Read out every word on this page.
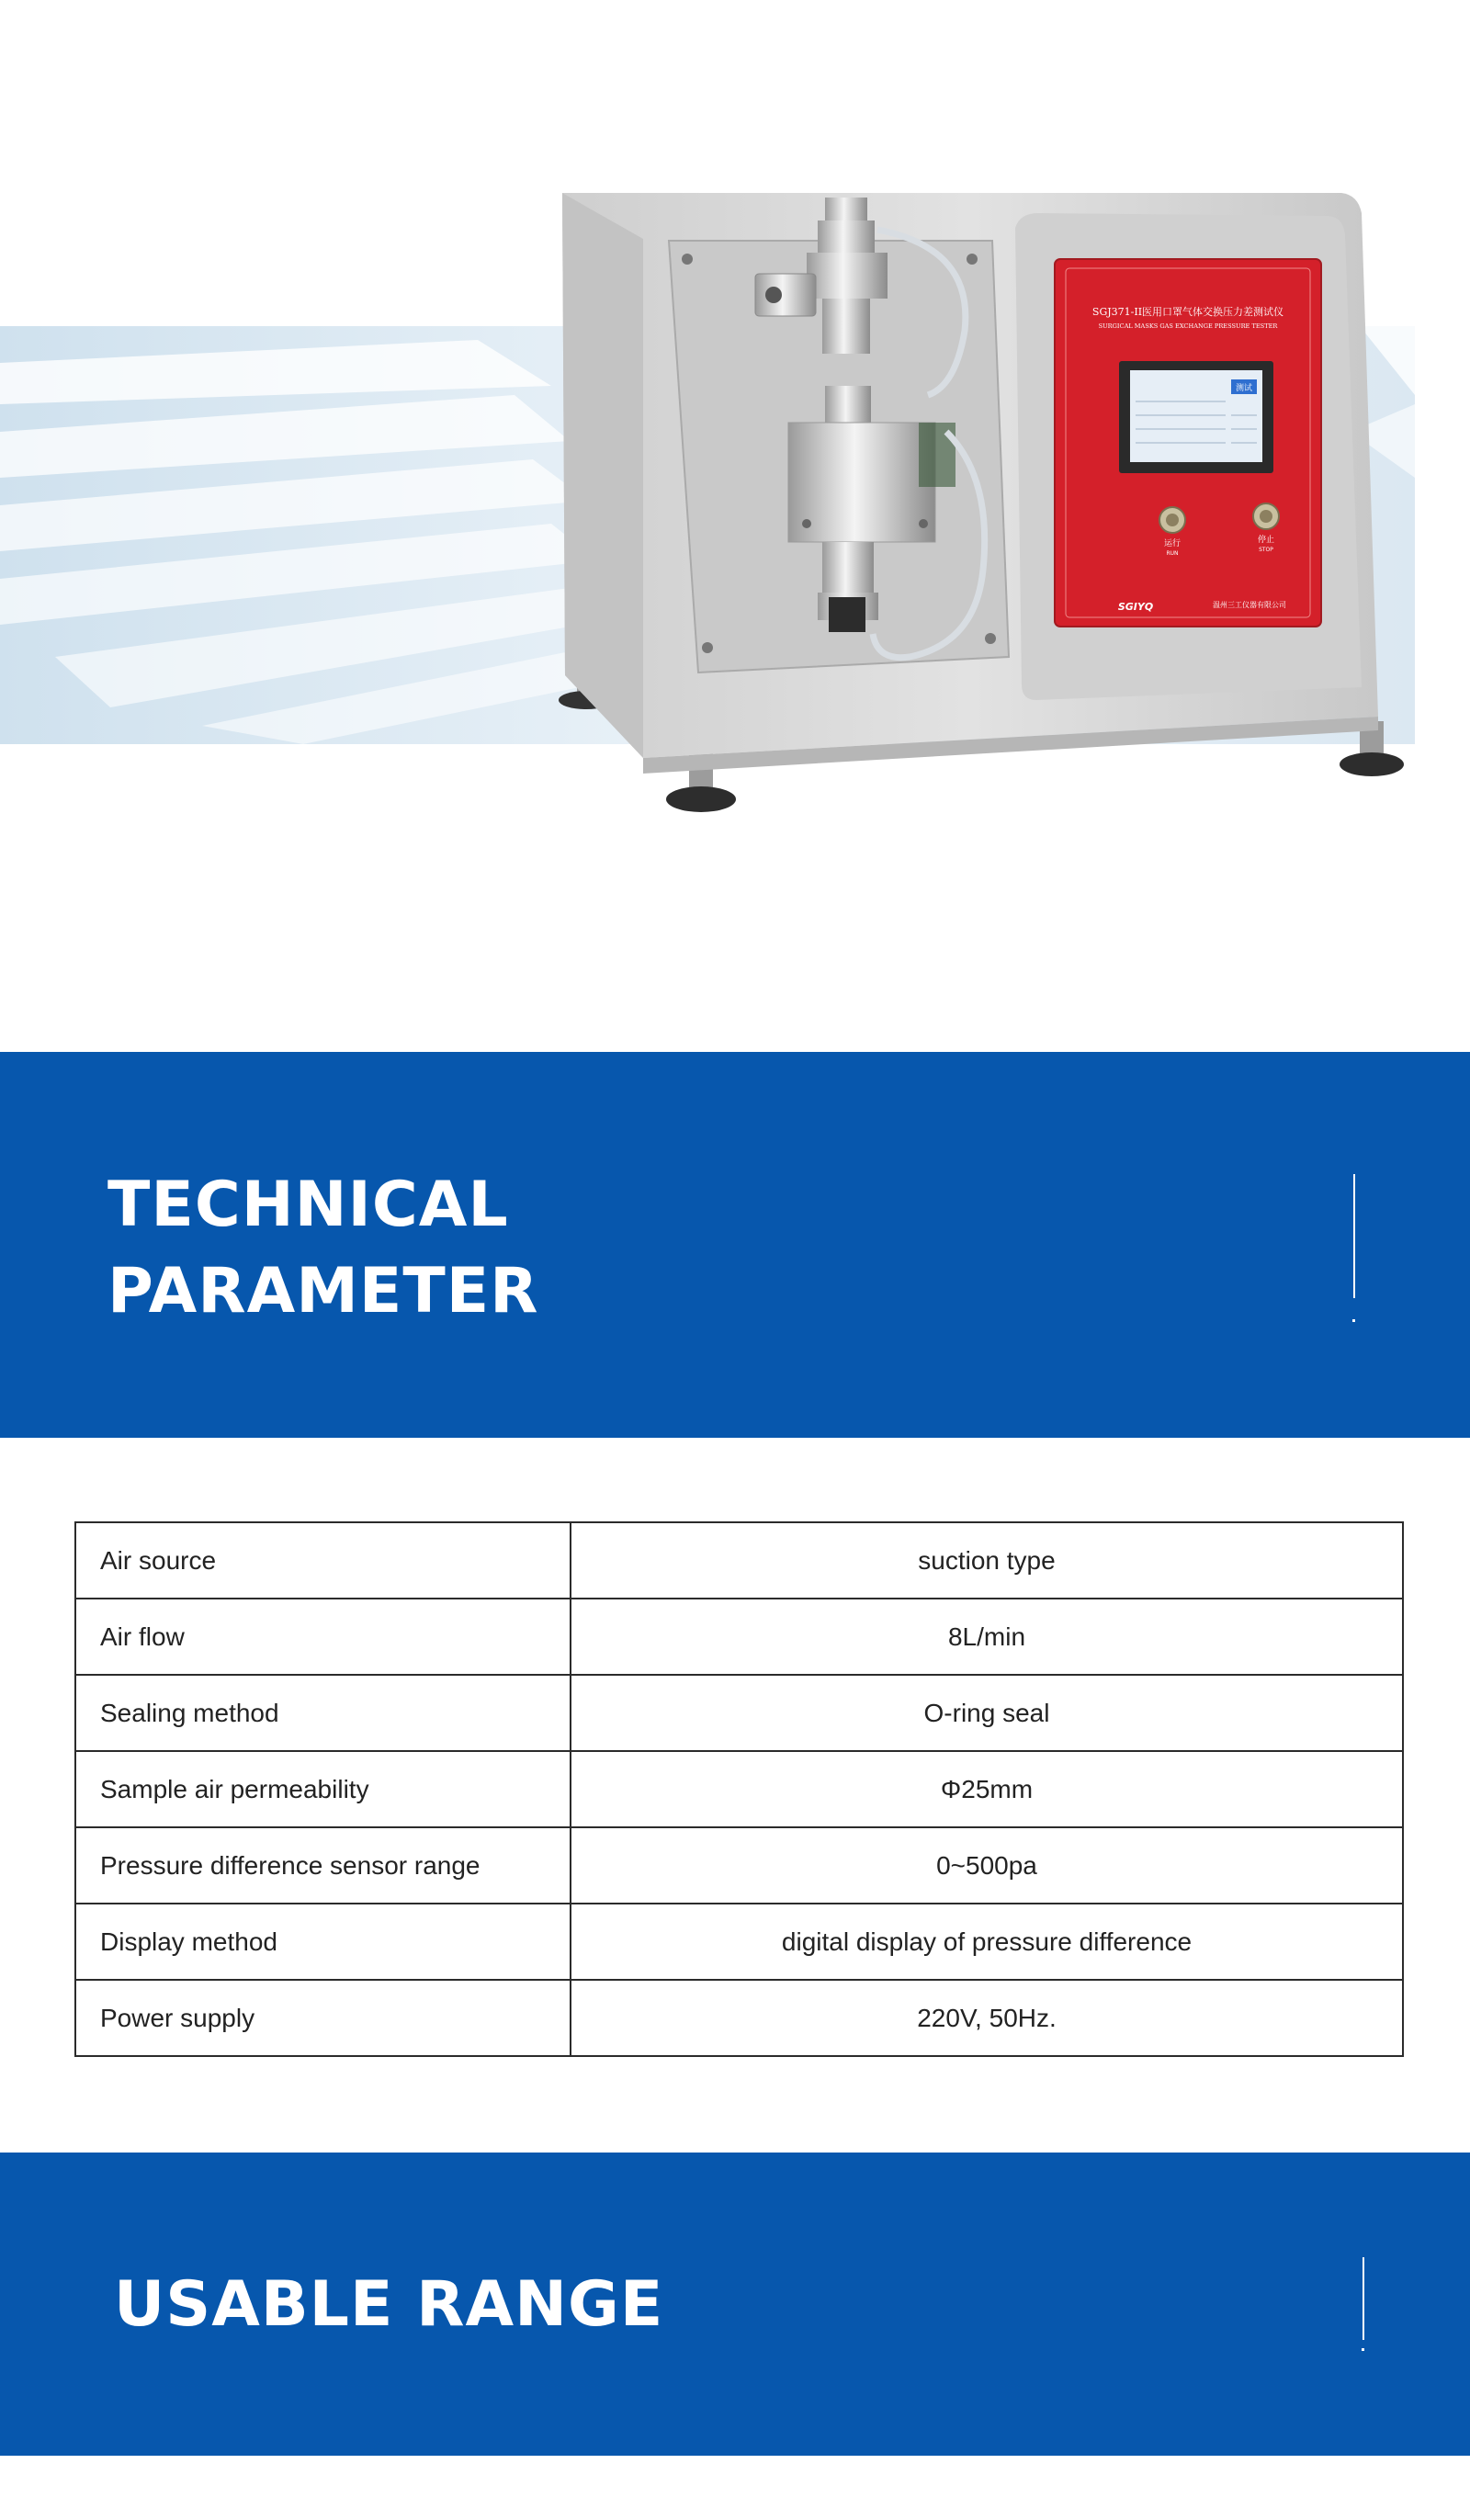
SGJ371-II医用口罩气体交换压力差测试仪
SURGICAL MASKS GAS EXCHANGE PRESSURE TESTER
测试
运行
RUN
停止
STOP
SGIYQ	温州三工仪器有限公司
TECHNICAL
PARAMETER
Air source	suction type
Air flow	8L/min
Sealing method	O-ring seal
Sample air permeability	Φ25mm
Pressure difference sensor range	0~500pa
Display method	digital display of pressure difference
Power supply	220V, 50Hz.
USABLE RANGE
